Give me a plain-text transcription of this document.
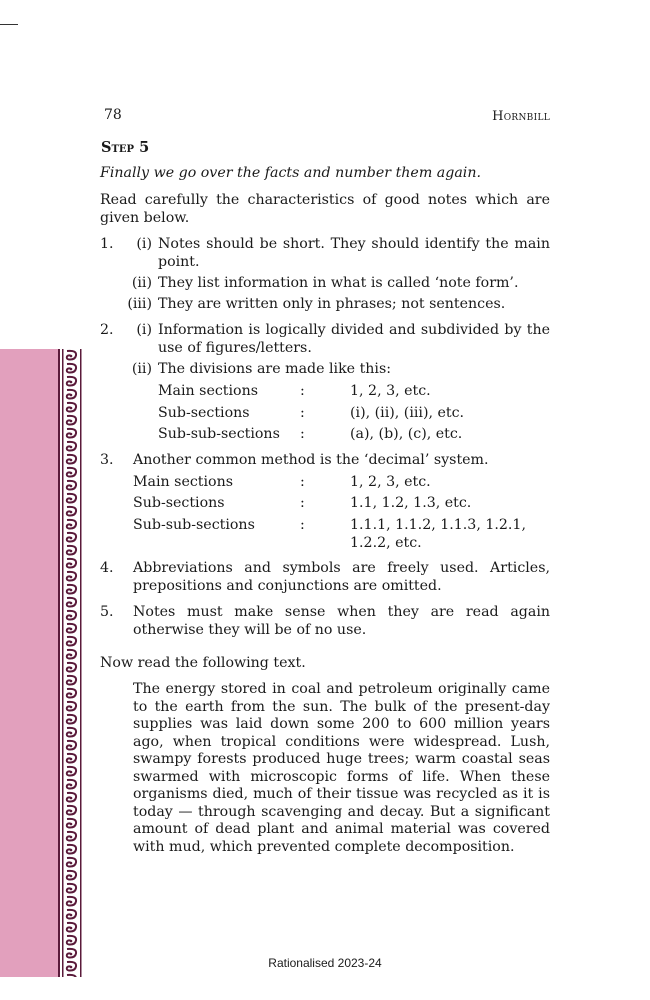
78	Hornbill
Step 5
Finally we go over the facts and number them again.
Read carefully the characteristics of good notes which are given below.
1.	(i) Notes should be short. They should identify the main point.
(ii) They list information in what is called ‘note form’.
(iii) They are written only in phrases; not sentences.
2.	(i) Information is logically divided and subdivided by the use of figures/letters.
(ii) The divisions are made like this:
Main sections	:	1, 2, 3, etc.
Sub-sections	:	(i), (ii), (iii), etc.
Sub-sub-sections	:	(a), (b), (c), etc.
3. Another common method is the ‘decimal’ system.
Main sections	:	1, 2, 3, etc.
Sub-sections	:	1.1, 1.2, 1.3, etc.
Sub-sub-sections	:	1.1.1, 1.1.2, 1.1.3, 1.2.1,
1.2.2, etc.
4. Abbreviations and symbols are freely used. Articles, prepositions and conjunctions are omitted.
5. Notes must make sense when they are read again otherwise they will be of no use.
Now read the following text.
The energy stored in coal and petroleum originally came to the earth from the sun. The bulk of the present-day supplies was laid down some 200 to 600 million years ago, when tropical conditions were widespread. Lush, swampy forests produced huge trees; warm coastal seas swarmed with microscopic forms of life. When these organisms died, much of their tissue was recycled as it is today — through scavenging and decay. But a significant amount of dead plant and animal material was covered with mud, which prevented complete decomposition.
Rationalised 2023-24
